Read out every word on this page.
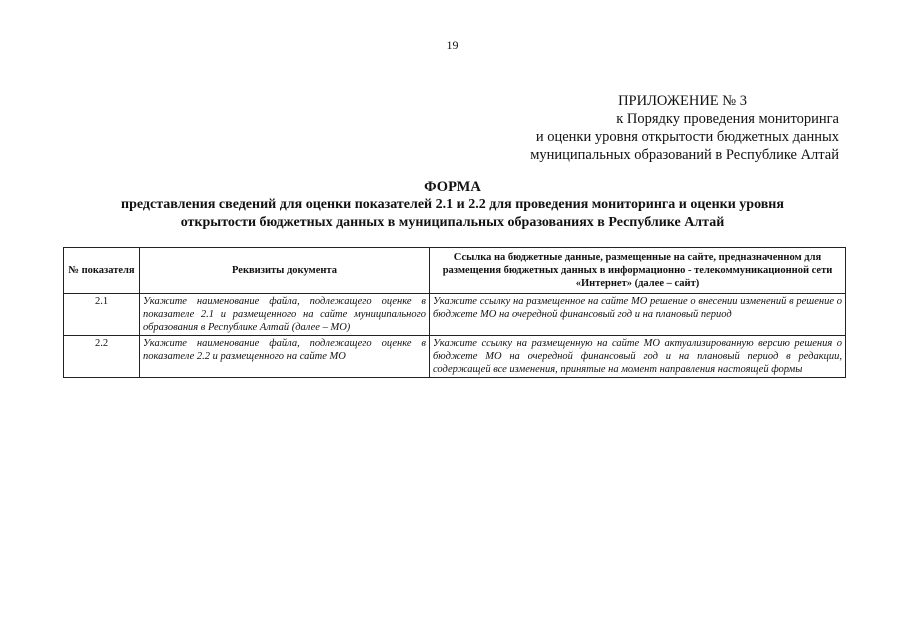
19
ПРИЛОЖЕНИЕ № 3
к Порядку проведения мониторинга
и оценки уровня открытости бюджетных данных
муниципальных образований в Республике Алтай
ФОРМА
представления сведений для оценки показателей 2.1 и 2.2 для проведения мониторинга и оценки уровня открытости бюджетных данных в муниципальных образованиях в Республике Алтай
№ показателя	Реквизиты документа	Ссылка на бюджетные данные, размещенные на сайте, предназначенном для размещения бюджетных данных в информационно - телекоммуникационной сети «Интернет» (далее – сайт)
2.1	Укажите наименование файла, подлежащего оценке в показателе 2.1 и размещенного на сайте муниципального образования в Республике Алтай (далее – МО)	Укажите ссылку на размещенное на сайте МО решение о внесении изменений в решение о бюджете МО на очередной финансовый год и на плановый период
2.2	Укажите наименование файла, подлежащего оценке в показателе 2.2 и размещенного на сайте МО	Укажите ссылку на размещенную на сайте МО актуализированную версию решения о бюджете МО на очередной финансовый год и на плановый период в редакции, содержащей все изменения, принятые на момент направления настоящей формы
